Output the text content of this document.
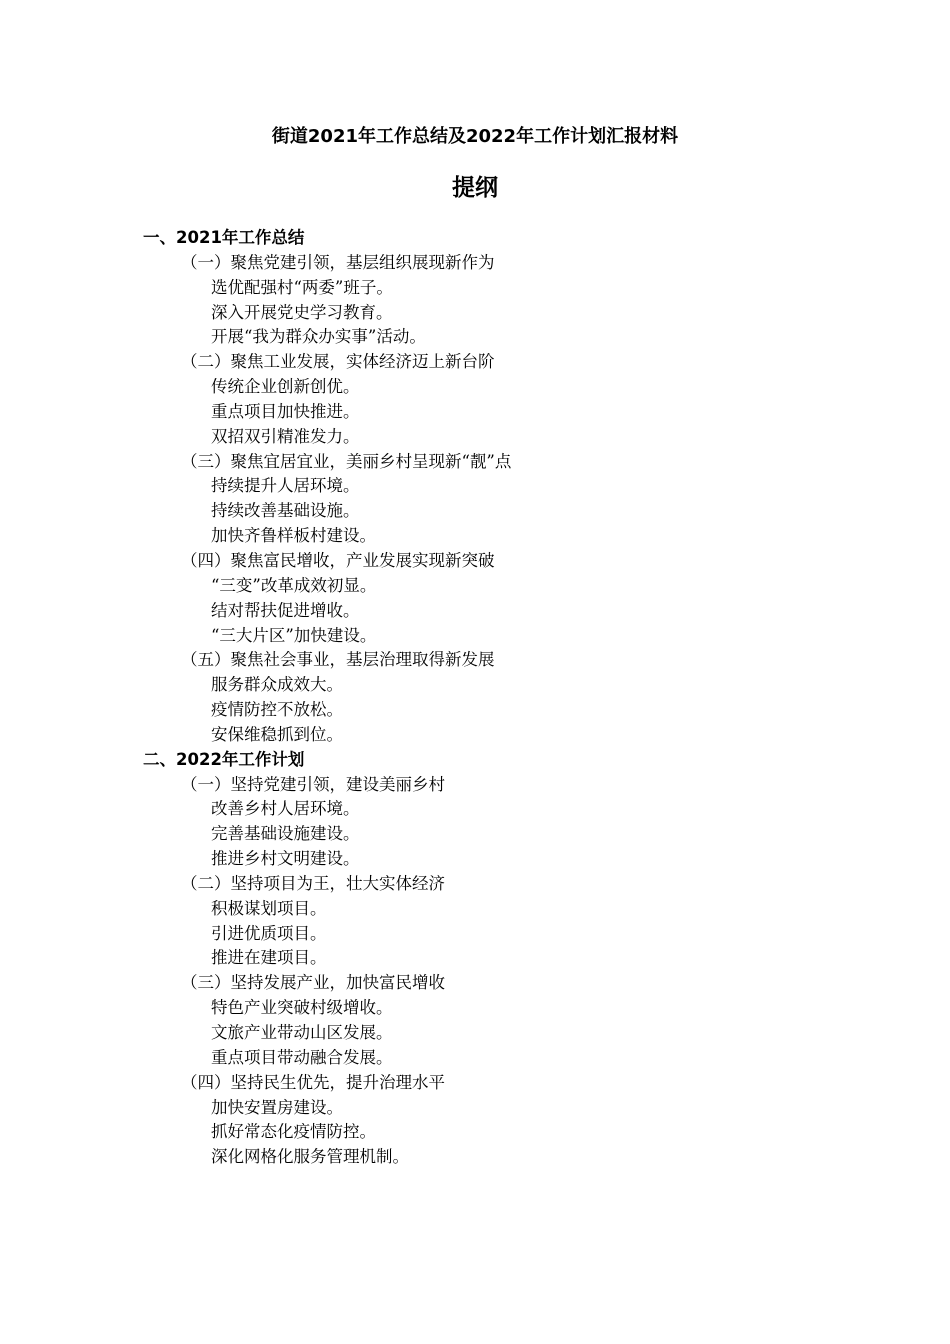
街道2021年工作总结及2022年工作计划汇报材料
提纲
一、2021年工作总结
（一）聚焦党建引领，基层组织展现新作为
选优配强村“两委”班子。
深入开展党史学习教育。
开展“我为群众办实事”活动。
（二）聚焦工业发展，实体经济迈上新台阶
传统企业创新创优。
重点项目加快推进。
双招双引精准发力。
（三）聚焦宜居宜业，美丽乡村呈现新“靓”点
持续提升人居环境。
持续改善基础设施。
加快齐鲁样板村建设。
（四）聚焦富民增收，产业发展实现新突破
“三变”改革成效初显。
结对帮扶促进增收。
“三大片区”加快建设。
（五）聚焦社会事业，基层治理取得新发展
服务群众成效大。
疫情防控不放松。
安保维稳抓到位。
二、2022年工作计划
（一）坚持党建引领，建设美丽乡村
改善乡村人居环境。
完善基础设施建设。
推进乡村文明建设。
（二）坚持项目为王，壮大实体经济
积极谋划项目。
引进优质项目。
推进在建项目。
（三）坚持发展产业，加快富民增收
特色产业突破村级增收。
文旅产业带动山区发展。
重点项目带动融合发展。
（四）坚持民生优先，提升治理水平
加快安置房建设。
抓好常态化疫情防控。
深化网格化服务管理机制。
